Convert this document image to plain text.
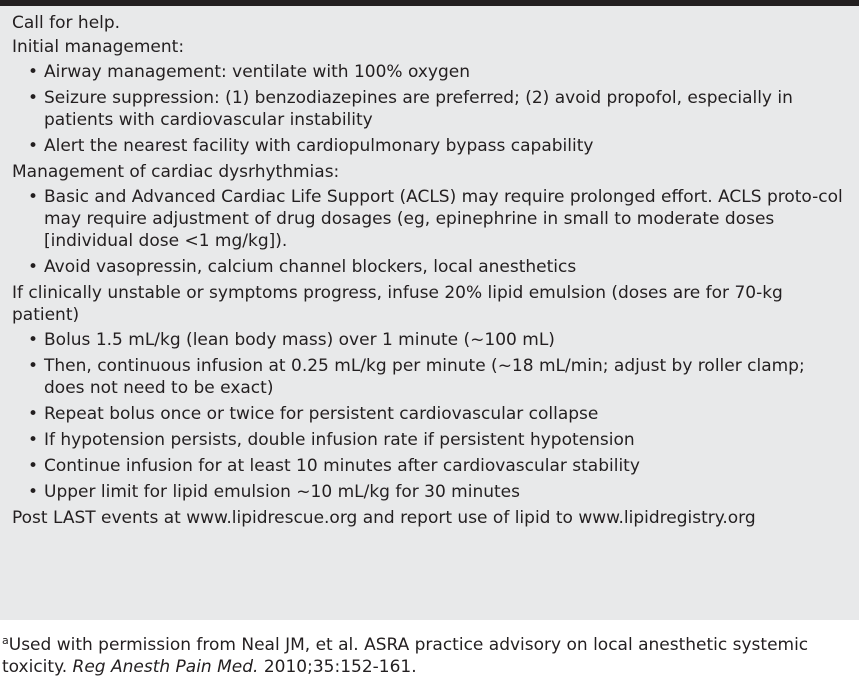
Call for help.
Initial management:
• Airway management: ventilate with 100% oxygen
• Seizure suppression: (1) benzodiazepines are preferred; (2) avoid propofol, especially in patients with cardiovascular instability
• Alert the nearest facility with cardiopulmonary bypass capability
Management of cardiac dysrhythmias:
• Basic and Advanced Cardiac Life Support (ACLS) may require prolonged effort. ACLS proto-col may require adjustment of drug dosages (eg, epinephrine in small to moderate doses [individual dose <1 mg/kg]).
• Avoid vasopressin, calcium channel blockers, local anesthetics
If clinically unstable or symptoms progress, infuse 20% lipid emulsion (doses are for 70-kg patient)
• Bolus 1.5 mL/kg (lean body mass) over 1 minute (~100 mL)
• Then, continuous infusion at 0.25 mL/kg per minute (~18 mL/min; adjust by roller clamp; does not need to be exact)
• Repeat bolus once or twice for persistent cardiovascular collapse
• If hypotension persists, double infusion rate if persistent hypotension
• Continue infusion for at least 10 minutes after cardiovascular stability
• Upper limit for lipid emulsion ~10 mL/kg for 30 minutes
Post LAST events at www.lipidrescue.org and report use of lipid to www.lipidregistry.org
$^a$Used with permission from Neal JM, et al. ASRA practice advisory on local anesthetic systemic toxicity. Reg Anesth Pain Med. 2010;35:152-161.
